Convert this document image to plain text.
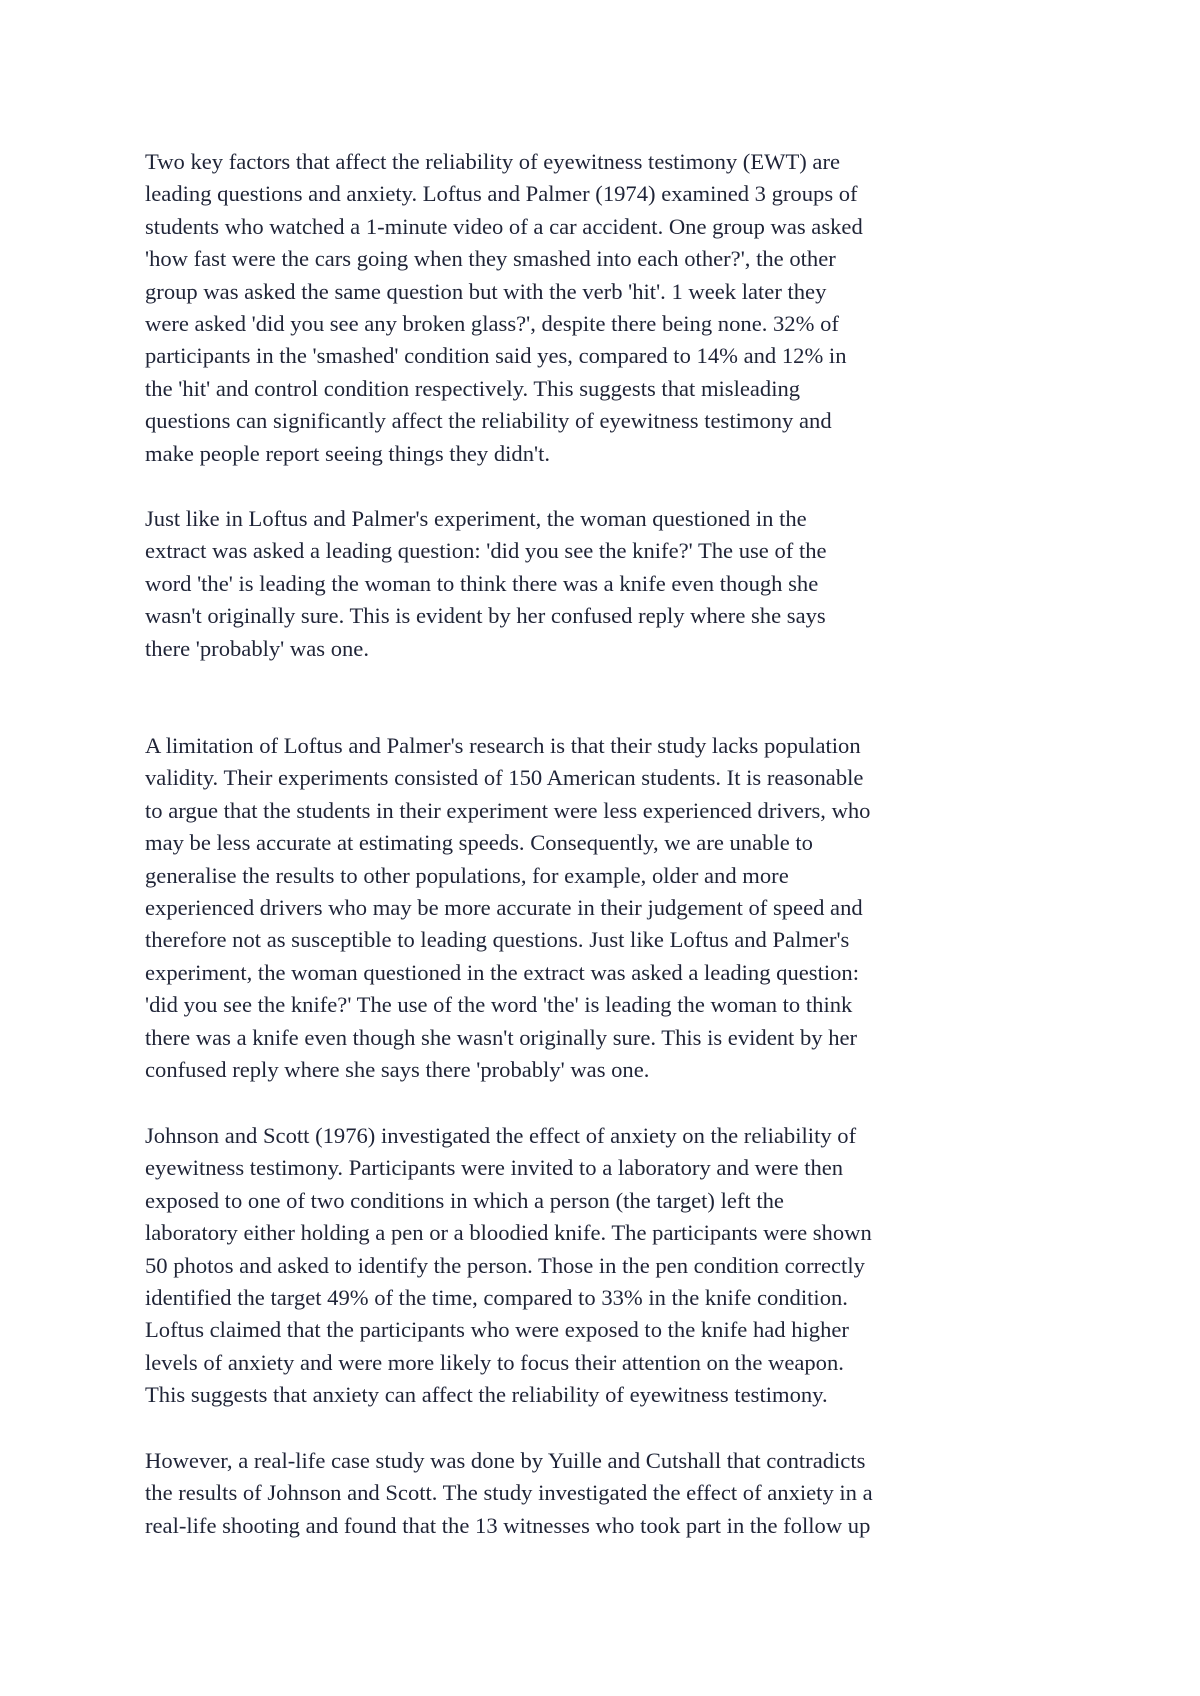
Two key factors that affect the reliability of eyewitness testimony (EWT) are
leading questions and anxiety. Loftus and Palmer (1974) examined 3 groups of
students who watched a 1-minute video of a car accident. One group was asked
'how fast were the cars going when they smashed into each other?', the other
group was asked the same question but with the verb 'hit'. 1 week later they
were asked 'did you see any broken glass?', despite there being none. 32% of
participants in the 'smashed' condition said yes, compared to 14% and 12% in
the 'hit' and control condition respectively. This suggests that misleading
questions can significantly affect the reliability of eyewitness testimony and
make people report seeing things they didn't.
Just like in Loftus and Palmer's experiment, the woman questioned in the
extract was asked a leading question: 'did you see the knife?' The use of the
word 'the' is leading the woman to think there was a knife even though she
wasn't originally sure. This is evident by her confused reply where she says
there 'probably' was one.
A limitation of Loftus and Palmer's research is that their study lacks population
validity. Their experiments consisted of 150 American students. It is reasonable
to argue that the students in their experiment were less experienced drivers, who
may be less accurate at estimating speeds. Consequently, we are unable to
generalise the results to other populations, for example, older and more
experienced drivers who may be more accurate in their judgement of speed and
therefore not as susceptible to leading questions. Just like Loftus and Palmer's
experiment, the woman questioned in the extract was asked a leading question:
'did you see the knife?' The use of the word 'the' is leading the woman to think
there was a knife even though she wasn't originally sure. This is evident by her
confused reply where she says there 'probably' was one.
Johnson and Scott (1976) investigated the effect of anxiety on the reliability of
eyewitness testimony. Participants were invited to a laboratory and were then
exposed to one of two conditions in which a person (the target) left the
laboratory either holding a pen or a bloodied knife. The participants were shown
50 photos and asked to identify the person. Those in the pen condition correctly
identified the target 49% of the time, compared to 33% in the knife condition.
Loftus claimed that the participants who were exposed to the knife had higher
levels of anxiety and were more likely to focus their attention on the weapon.
This suggests that anxiety can affect the reliability of eyewitness testimony.
However, a real-life case study was done by Yuille and Cutshall that contradicts
the results of Johnson and Scott. The study investigated the effect of anxiety in a
real-life shooting and found that the 13 witnesses who took part in the follow up
